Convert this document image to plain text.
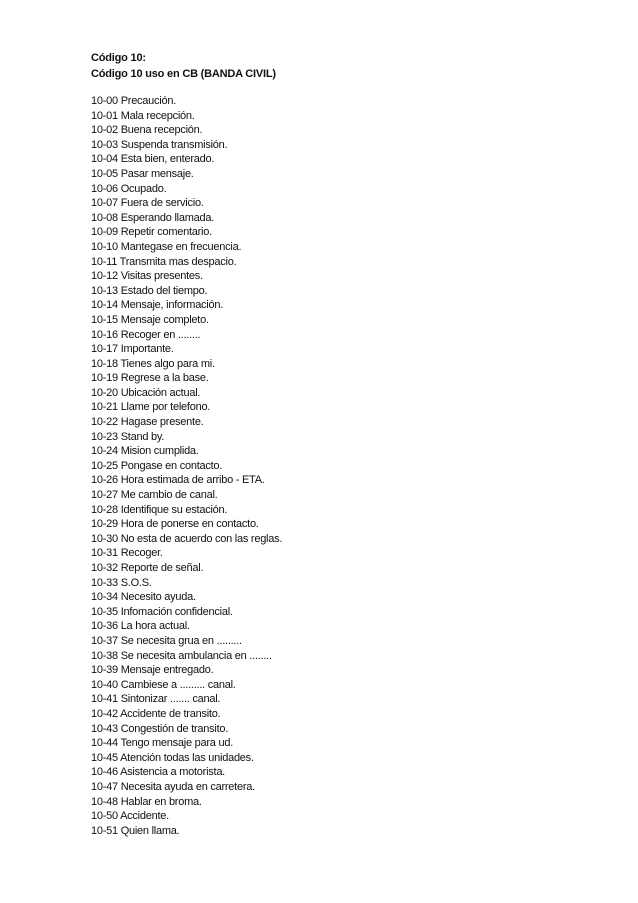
Código 10:

Código 10 uso en CB (BANDA CIVIL)

10-00 Precaución.
10-01 Mala recepción.
10-02 Buena recepción.
10-03 Suspenda transmisión.
10-04 Esta bien, enterado.
10-05 Pasar mensaje.
10-06 Ocupado.
10-07 Fuera de servicio.
10-08 Esperando llamada.
10-09 Repetir comentario.
10-10 Mantegase en frecuencia.
10-11 Transmita mas despacio.
10-12 Visitas presentes.
10-13 Estado del tiempo.
10-14 Mensaje, información.
10-15 Mensaje completo.
10-16 Recoger en ........
10-17 Importante.
10-18 Tienes algo para mi.
10-19 Regrese a la base.
10-20 Ubicación actual.
10-21 Llame por telefono.
10-22 Hagase presente.
10-23 Stand by.
10-24 Mision cumplida.
10-25 Pongase en contacto.
10-26 Hora estimada de arribo - ETA.
10-27 Me cambio de canal.
10-28 Identifique su estación.
10-29 Hora de ponerse en contacto.
10-30 No esta de acuerdo con las reglas.
10-31 Recoger.
10-32 Reporte de señal.
10-33 S.O.S.
10-34 Necesito ayuda.
10-35 Infomación confidencial.
10-36 La hora actual.
10-37 Se necesita grua en .........
10-38 Se necesita ambulancia en ........
10-39 Mensaje entregado.
10-40 Cambiese a ......... canal.
10-41 Sintonizar ....... canal.
10-42 Accidente de transito.
10-43 Congestión de transito.
10-44 Tengo mensaje para ud.
10-45 Atención todas las unidades.
10-46 Asistencia a motorista.
10-47 Necesita ayuda en carretera.
10-48 Hablar en broma.
10-50 Accidente.
10-51 Quien llama.
